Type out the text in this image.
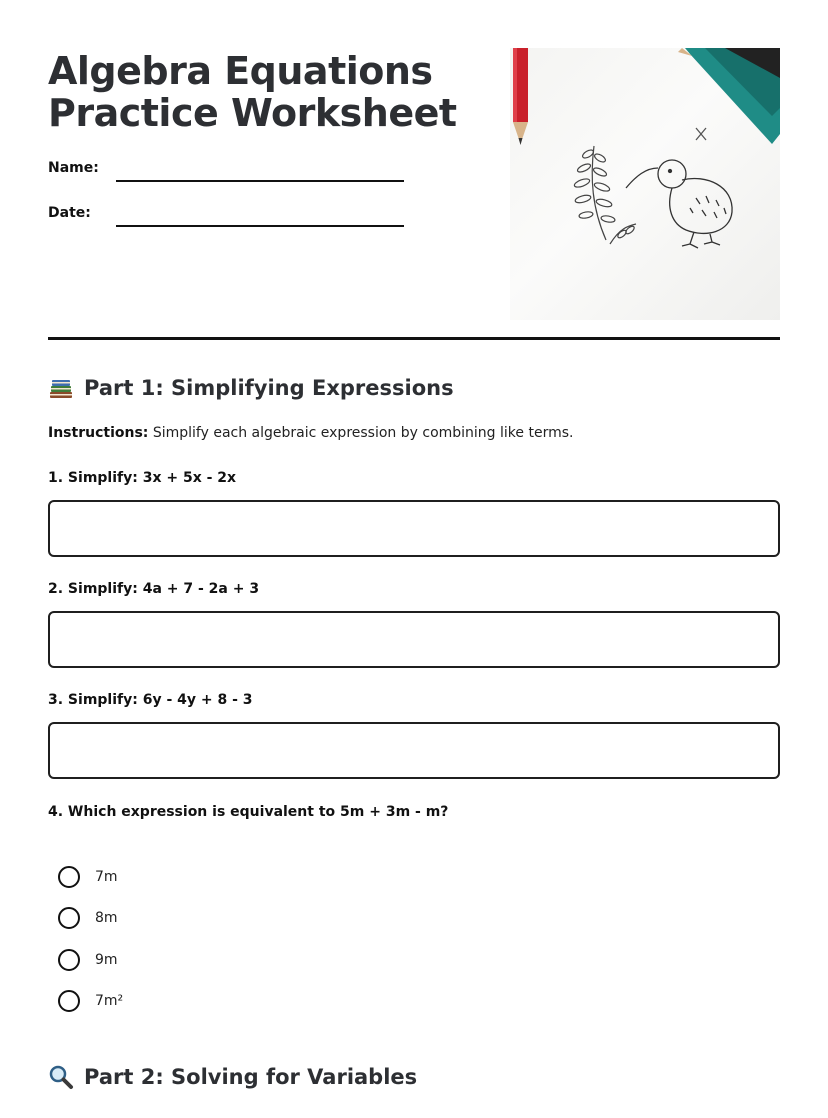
Algebra Equations
Practice Worksheet
Name:
Date:
Part 1: Simplifying Expressions

Instructions: Simplify each algebraic expression by combining like terms.

1. Simplify: 3x + 5x - 2x
2. Simplify: 4a + 7 - 2a + 3
3. Simplify: 6y - 4y + 8 - 3
4. Which expression is equivalent to 5m + 3m - m?
7m
8m
9m
7m²
Part 2: Solving for Variables
